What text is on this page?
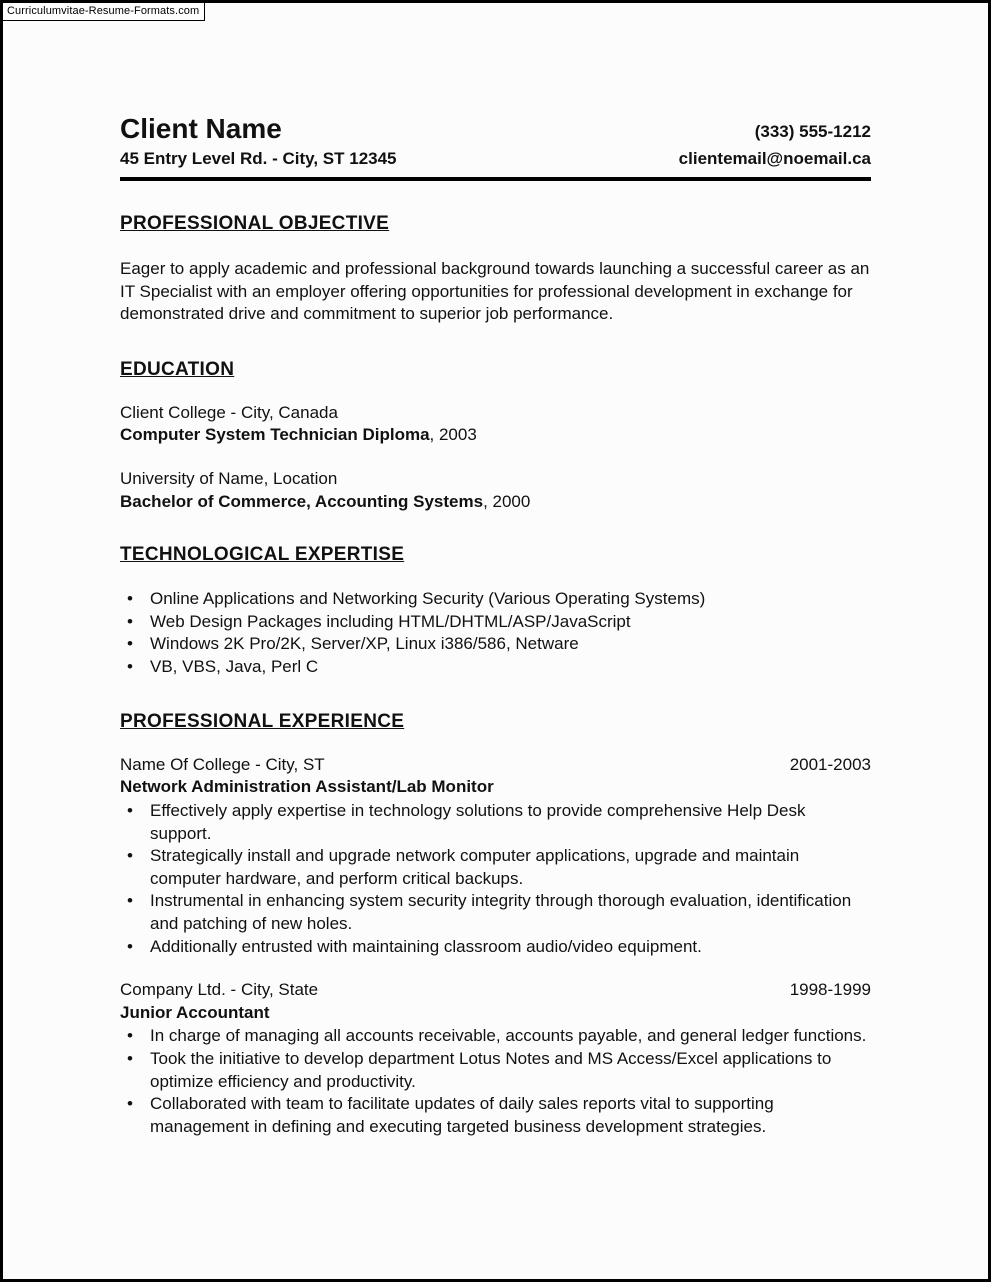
Curriculumvitae-Resume-Formats.com
Client Name
45 Entry Level Rd. - City, ST 12345
(333) 555-1212
clientemail@noemail.ca
PROFESSIONAL OBJECTIVE
Eager to apply academic and professional background towards launching a successful career as an IT Specialist with an employer offering opportunities for professional development in exchange for demonstrated drive and commitment to superior job performance.
EDUCATION
Client College - City, Canada
Computer System Technician Diploma, 2003
University of Name, Location
Bachelor of Commerce, Accounting Systems, 2000
TECHNOLOGICAL EXPERTISE
•	Online Applications and Networking Security (Various Operating Systems)
•	Web Design Packages including HTML/DHTML/ASP/JavaScript
•	Windows 2K Pro/2K, Server/XP, Linux i386/586, Netware
•	VB, VBS, Java, Perl C
PROFESSIONAL EXPERIENCE
Name Of College - City, ST	2001-2003
Network Administration Assistant/Lab Monitor
•	Effectively apply expertise in technology solutions to provide comprehensive Help Desk support.
•	Strategically install and upgrade network computer applications, upgrade and maintain computer hardware, and perform critical backups.
•	Instrumental in enhancing system security integrity through thorough evaluation, identification and patching of new holes.
•	Additionally entrusted with maintaining classroom audio/video equipment.
Company Ltd. - City, State	1998-1999
Junior Accountant
•	In charge of managing all accounts receivable, accounts payable, and general ledger functions.
•	Took the initiative to develop department Lotus Notes and MS Access/Excel applications to optimize efficiency and productivity.
•	Collaborated with team to facilitate updates of daily sales reports vital to supporting management in defining and executing targeted business development strategies.
